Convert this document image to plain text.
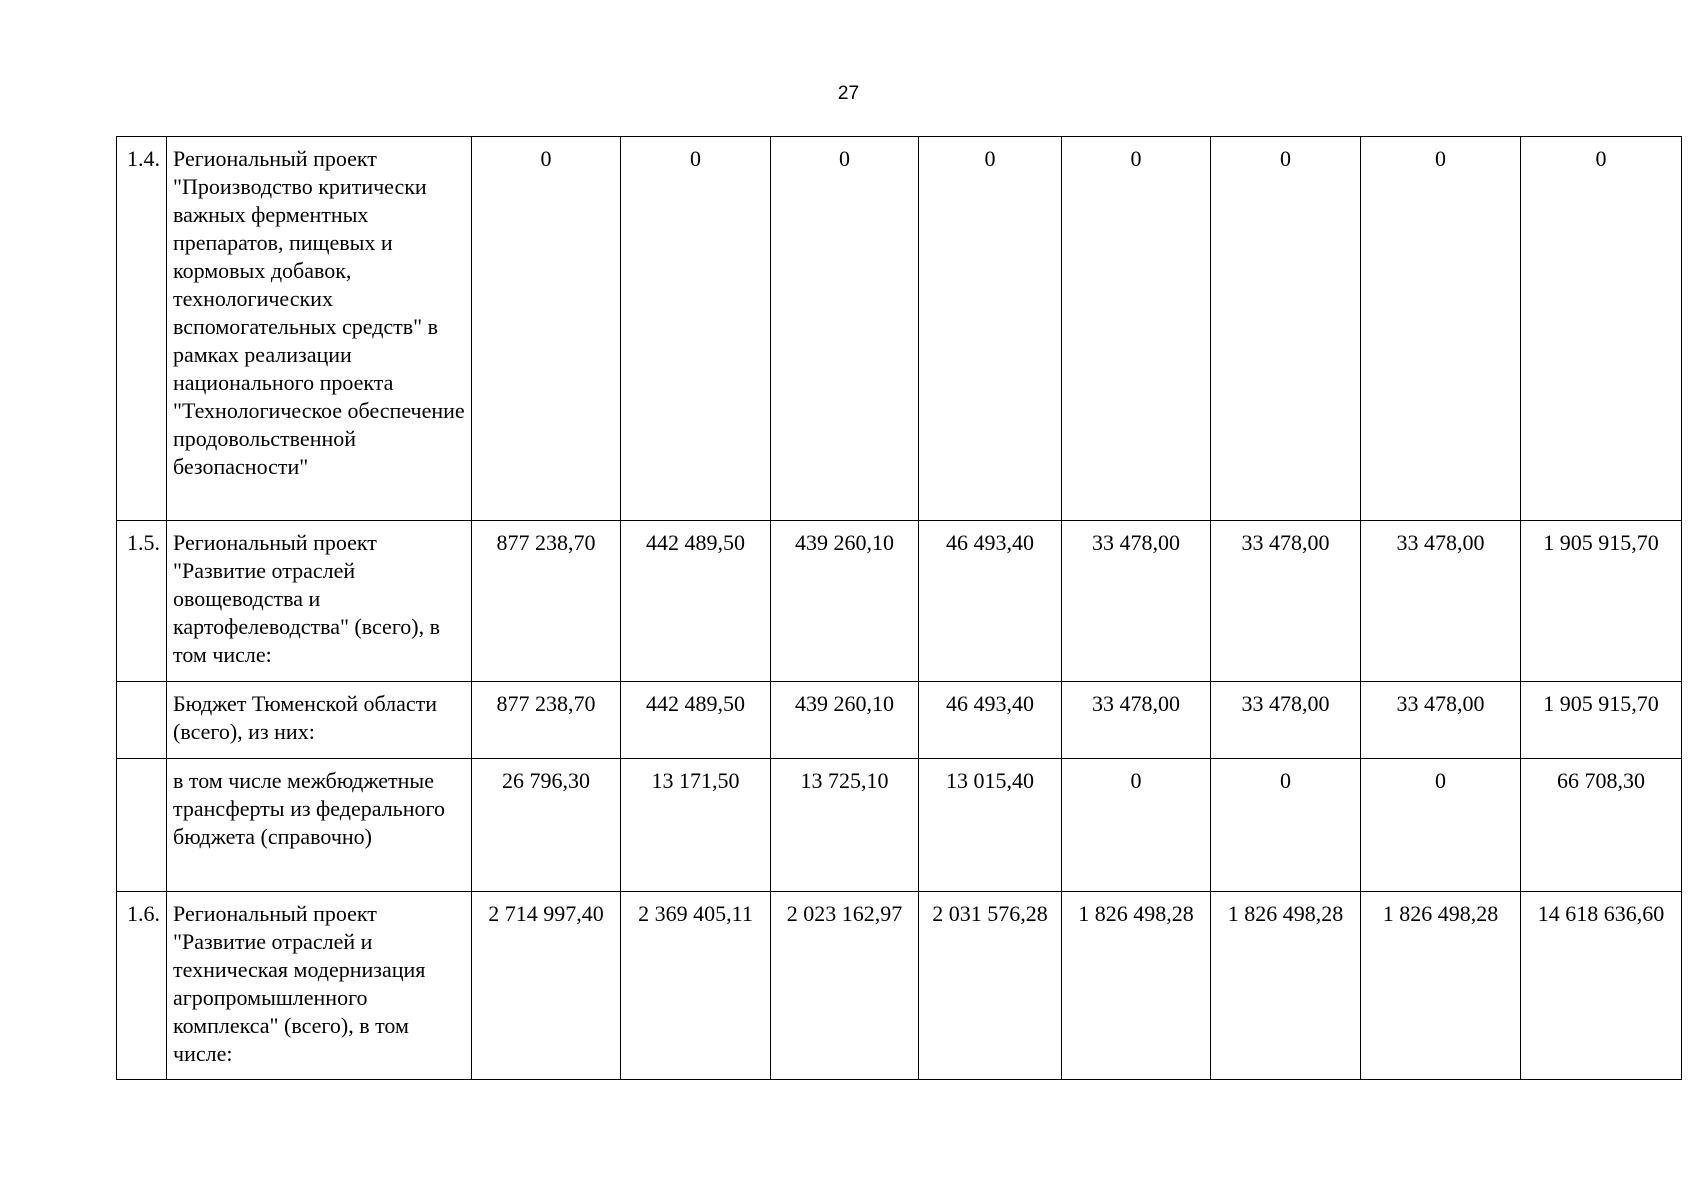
27
1.4.	Региональный проект "Производство критически важных ферментных препаратов, пищевых и кормовых добавок, технологических вспомогательных средств" в рамках реализации национального проекта "Технологическое обеспечение продовольственной безопасности"	0	0	0	0	0	0	0	0
1.5.	Региональный проект "Развитие отраслей овощеводства и картофелеводства" (всего), в том числе:	877 238,70	442 489,50	439 260,10	46 493,40	33 478,00	33 478,00	33 478,00	1 905 915,70
	Бюджет Тюменской области (всего), из них:	877 238,70	442 489,50	439 260,10	46 493,40	33 478,00	33 478,00	33 478,00	1 905 915,70
	в том числе межбюджетные трансферты из федерального бюджета (справочно)	26 796,30	13 171,50	13 725,10	13 015,40	0	0	0	66 708,30
1.6.	Региональный проект "Развитие отраслей и техническая модернизация агропромышленного комплекса" (всего), в том числе:	2 714 997,40	2 369 405,11	2 023 162,97	2 031 576,28	1 826 498,28	1 826 498,28	1 826 498,28	14 618 636,60
